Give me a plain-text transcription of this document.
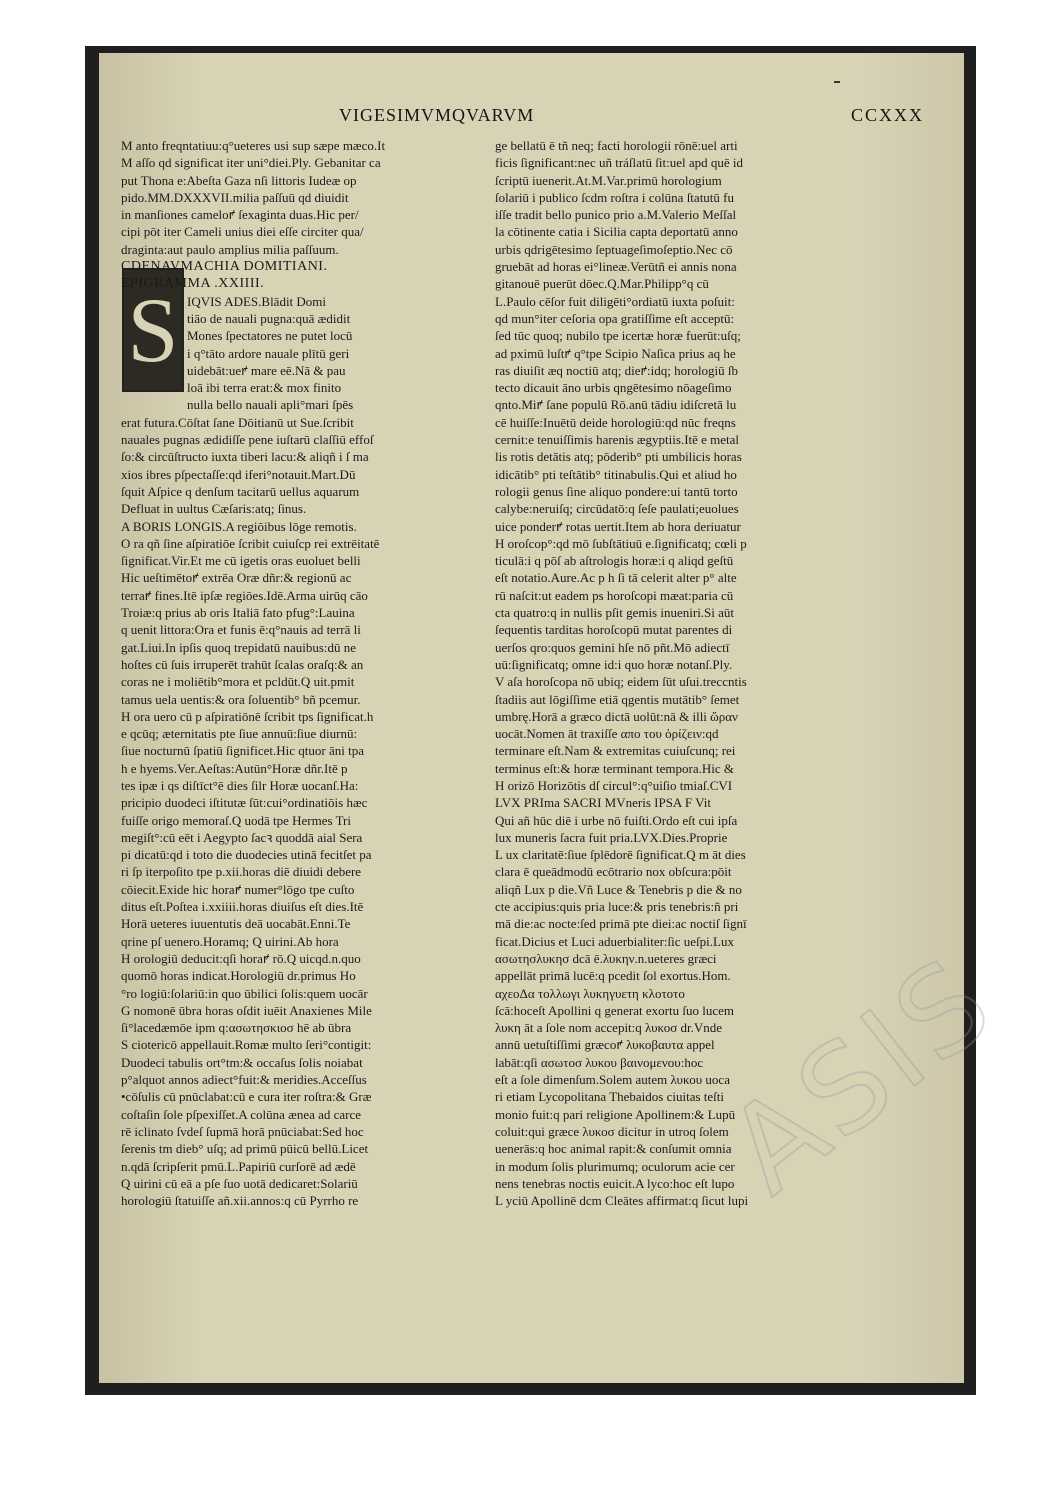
VIGESIMVMQVARVM	CCXXX
S
M anto freqntatiuu:q°ueteres usi sup sæpe mæco.It
M aſſo qd significat iter uni°diei.Ply. Gebanitar ca
put Thona e:Abeſta Gaza nſi littoris Iudeæ op
pido.MM.DXXXVII.milia paſſuū qd diuidit
in manſiones cameloꝵ ſexaginta duas.Hic per/
cipi pōt iter Cameli unius diei eſſe circiter qua/
draginta:aut paulo amplius milia paſſuum.
CDENAVMACHIA DOMITIANI.
EPIGRAMMA .XXIIII.
IQVIS ADES.Blādit Domi
tiāo de nauali pugna:quā ædidit
Mones ſpectatores ne putet locū
i q°tāto ardore nauale plītū geri
uidebāt:ueꝵ mare eē.Nā & pau
loā ibi terra erat:& mox finito
nulla bello nauali apli°mari ſpēs
erat futura.Cōſtat ſane Dōitianū ut Sue.ſcribit
nauales pugnas ædidiſſe pene iuſtarū claſſiū effoſ
ſo:& circūſtructo iuxta tiberi lacu:& aliqñ i ſ ma
xios ibres pſpectaſſe:qd iferi°notauit.Mart.Dū
ſquit Aſpice q denſum tacitarū uellus aquarum
Defluat in uultus Cæſaris:atq; ſinus.
A BORIS LONGIS.A regiōibus lōge remotis.
O ra qñ ſine aſpiratiōe ſcribit cuiuſcp rei extrēitatē
ſignificat.Vir.Et me cū igetis oras euoluet belli
Hic ueſtimētoꝵ extrēa Oræ dñr:& regionū ac
terraꝵ fines.Itē ipſæ regiōes.Idē.Arma uirūq cāo
Troiæ:q prius ab oris Italiā fato pfug°:Lauina
q uenit littora:Ora et funis ē:q°nauis ad terrā li
gat.Liui.In ipſis quoq trepidatū nauibus:dū ne
hoſtes cū ſuis irruperēt trahūt ſcalas oraſq:& an
coras ne i moliētib°mora et pcldūt.Q uit.pmit
tamus uela uentis:& ora ſoluentib° bñ pcemur.
H ora uero cū p aſpiratiōnē ſcribit tps ſignificat.h
e qcūq; æternitatis pte ſiue annuū:ſiue diurnū:
ſiue nocturnū ſpatiū ſignificet.Hic qtuor āni tpa
h e hyems.Ver.Aeſtas:Autūn°Horæ dñr.Itē p
tes ipæ i qs diſtīct°ē dies ſilr Horæ uocanſ.Ha:
pricipio duodeci iſtitutæ ſūt:cui°ordinatiōis hæc
fuiſſe origo memoraſ.Q uodā tpe Hermes Tri
megiſt°:cū eēt i Aegypto ſacꝛ quoddā aial Sera
pi dicatū:qd i toto die duodecies utinā fecitſet pa
ri ſp iterpoſito tpe p.xii.horas diē diuidi debere
cōiecit.Exide hic horaꝵ numer°lōgo tpe cuſto
ditus eſt.Poſtea i.xxiiii.horas diuiſus eſt dies.Itē
Horā ueteres iuuentutis deā uocabāt.Enni.Te
qrine pſ uenero.Horamq; Q uirini.Ab hora
H orologiū deducit:qſi horaꝵ rō.Q uicqd.n.quo
quomō horas indicat.Horologiū dr.primus Ho
°ro logiū:ſolariū:in quo ūbilici ſolis:quem uocār
G nomonē ūbra horas oſdit iuēit Anaxienes Mile
ſi°lacedæmōe ipm q:ασωτησκιοσ hē ab ūbra
S ciotericō appellauit.Romæ multo ſeri°contigit:
Duodeci tabulis ort°tm:& occaſus ſolis noiabat
p°alquot annos adiect°fuit:& meridies.Acceſſus
•cōſulis cū pnūclabat:cū e cura iter roſtra:& Græ
coſtaſin ſole pſpexiſſet.A colūna ænea ad carce
rē iclinato ſvdeſ ſupmā horā pnūciabat:Sed hoc
ſerenis tm dieb° uſq; ad primū pūicū bellū.Licet
n.qdā ſcripſerit pmū.L.Papiriū curſorē ad ædē
Q uirini cū eā a pſe ſuo uotā dedicaret:Solariū
horologiū ſtatuiſſe añ.xii.annos:q cū Pyrrho re
ge bellatū ē tñ neq; facti horologii rōnē:uel arti
ficis ſignificant:nec uñ tráſlatū ſit:uel apd quē id
ſcriptū iuenerit.At.M.Var.primū horologium
ſolariū i publico ſcdm roſtra i colūna ſtatutū fu
iſſe tradit bello punico prio a.M.Valerio Meſſal
la cōtinente catia i Sicilia capta deportatū anno
urbis qdrigētesimo ſeptuageſimoſeptio.Nec cō
gruebāt ad horas ei°lineæ.Verūtñ ei annis nona
gitanouē puerūt dōec.Q.Mar.Philipp°q cū
L.Paulo cēſor fuit diligēti°ordiatū iuxta poſuit:
qd mun°iter ceſoria opa gratiſſime eſt acceptū:
ſed tūc quoq; nubilo tpe icertæ horæ fuerūt:uſq;
ad pximū luſtꝵ q°tpe Scipio Naſica prius aq he
ras diuiſit æq noctiū atq; dieꝵ:idq; horologiū ſb
tecto dicauit āno urbis qngētesimo nōageſimo
qnto.Miꝵ ſane populū Rō.anū tādiu idiſcretā lu
cē huiſſe:Inuētū deide horologiū:qd nūc freqns
cernit:e tenuiſſimis harenis ægyptiis.Itē e metal
lis rotis detātis atq; pōderib° pti umbilicis horas
idicātib° pti teſtātib° titinabulis.Qui et aliud ho
rologii genus ſine aliquo pondere:ui tantū torto
calybe:neruiſq; circūdatō:q ſeſe paulati;euolues
uice ponderꝵ rotas uertit.Item ab hora deriuatur
H oroſcop°:qd mō ſubſtātiuū e.ſignificatq; cœli p
ticulā:i q pōſ ab aſtrologis horæ:i q aliqd geſtū
eſt notatio.Aure.Ac p h ſi tā celerit alter p° alte
rū naſcit:ut eadem ps horoſcopi mæat:paria cū
cta quatro:q in nullis pſit gemis inueniri.Si aūt
ſequentis tarditas horoſcopū mutat parentes di
uerſos qro:quos gemini hſe nō pñt.Mō adiectī
uū:ſignificatq; omne id:i quo horæ notanſ.Ply.
V aſa horoſcopa nō ubiq; eidem ſūt uſui.treccntis
ſtadiis aut lōgiſſime etiā qgentis mutātib° ſemet
umbrę.Horā a græco dictā uolūt:nā & illi ὥραν
uocāt.Nomen āt traxiſſe απο του ὁρίζειν:qd
terminare eſt.Nam & extremitas cuiuſcunq; rei
terminus eſt:& horæ terminant tempora.Hic &
H orizō Horizōtis dſ circul°:q°uiſio tmiaſ.CVI
LVX PRIma SACRI MVneris IPSA F Vit
Qui añ hūc diē i urbe nō fuiſti.Ordo eſt cui ipſa
lux muneris ſacra fuit pria.LVX.Dies.Proprie
L ux claritatē:ſiue ſplēdorē ſignificat.Q m āt dies
clara ē queādmodū ecōtrario nox obſcura:pōit
aliqñ Lux p die.Vñ Luce & Tenebris p die & no
cte accipius:quis pria luce:& pris tenebris:ñ pri
mā die:ac nocte:ſed primā pte diei:ac noctiſ ſignī
ficat.Dicius et Luci aduerbialiter:ſic ueſpi.Lux
ασωτησλυκησ dcā ē.λυκην.n.ueteres græci
appellāt primā lucē:q pcedit ſol exortus.Hom.
αχεοΔα τολλωγι λυκηγυετη κλοτοτο
ſcā:hoceſt Apollini q generat exortu ſuo lucem
λυκη āt a ſole nom accepit:q λυκοσ dr.Vnde
annū uetuſtiſſimi græcoꝵ λυκοβαυτα appel
labāt:qſi ασωτοσ λυκου βαινομενου:hoc
eſt a ſole dimenſum.Solem autem λυκου uoca
ri etiam Lycopolitana Thebaidos ciuitas teſti
monio fuit:q pari religione Apollinem:& Lupū
coluit:qui græce λυκοσ dicitur in utroq ſolem
uenerās:q hoc animal rapit:& conſumit omnia
in modum ſolis plurimumq; oculorum acie cer
nens tenebras noctis euicit.A lyco:hoc eſt lupo
L yciū Apollinē dcm Cleātes affirmat:q ſicut lupi
ASIS
